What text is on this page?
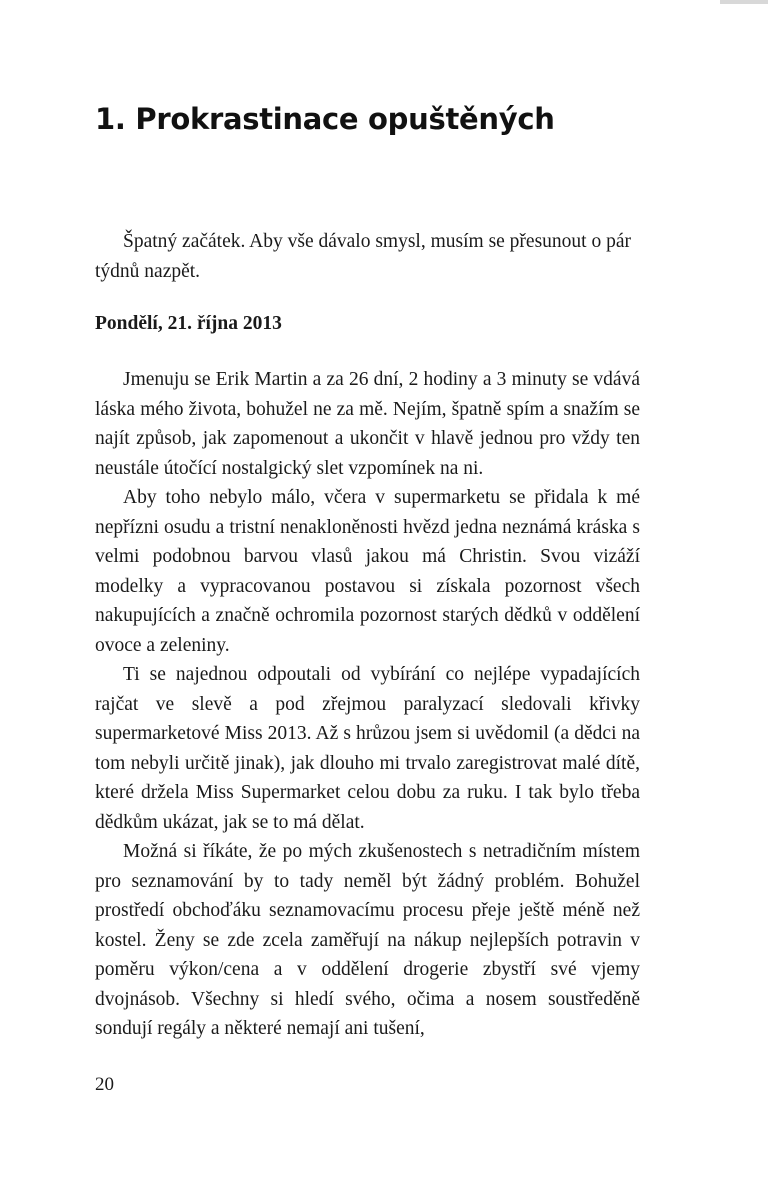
1. Prokrastinace opuštěných

Špatný začátek. Aby vše dávalo smysl, musím se přesunout o pár týdnů nazpět.

Pondělí, 21. října 2013

Jmenuju se Erik Martin a za 26 dní, 2 hodiny a 3 minuty se vdává láska mého života, bohužel ne za mě. Nejím, špatně spím a snažím se najít způsob, jak zapomenout a ukončit v hlavě jednou pro vždy ten neustále útočící nostalgický slet vzpomínek na ni.

Aby toho nebylo málo, včera v supermarketu se přidala k mé nepřízni osudu a tristní nenakloněnosti hvězd jedna neznámá kráska s velmi podobnou barvou vlasů jakou má Christin. Svou vizáží modelky a vypracovanou postavou si získala pozornost všech nakupujících a značně ochromila pozornost starých dědků v oddělení ovoce a zeleniny.

Ti se najednou odpoutali od vybírání co nejlépe vypadajících rajčat ve slevě a pod zřejmou paralyzací sledovali křivky supermarketové Miss 2013. Až s hrůzou jsem si uvědomil (a dědci na tom nebyli určitě jinak), jak dlouho mi trvalo zaregistrovat malé dítě, které držela Miss Supermarket celou dobu za ruku. I tak bylo třeba dědkům ukázat, jak se to má dělat.

Možná si říkáte, že po mých zkušenostech s netradičním místem pro seznamování by to tady neměl být žádný problém. Bohužel prostředí obchoďáku seznamovacímu procesu přeje ještě méně než kostel. Ženy se zde zcela zaměřují na nákup nejlepších potravin v poměru výkon/cena a v oddělení drogerie zbystří své vjemy dvojnásob. Všechny si hledí svého, očima a nosem soustředěně sondují regály a některé nemají ani tušení,

20
